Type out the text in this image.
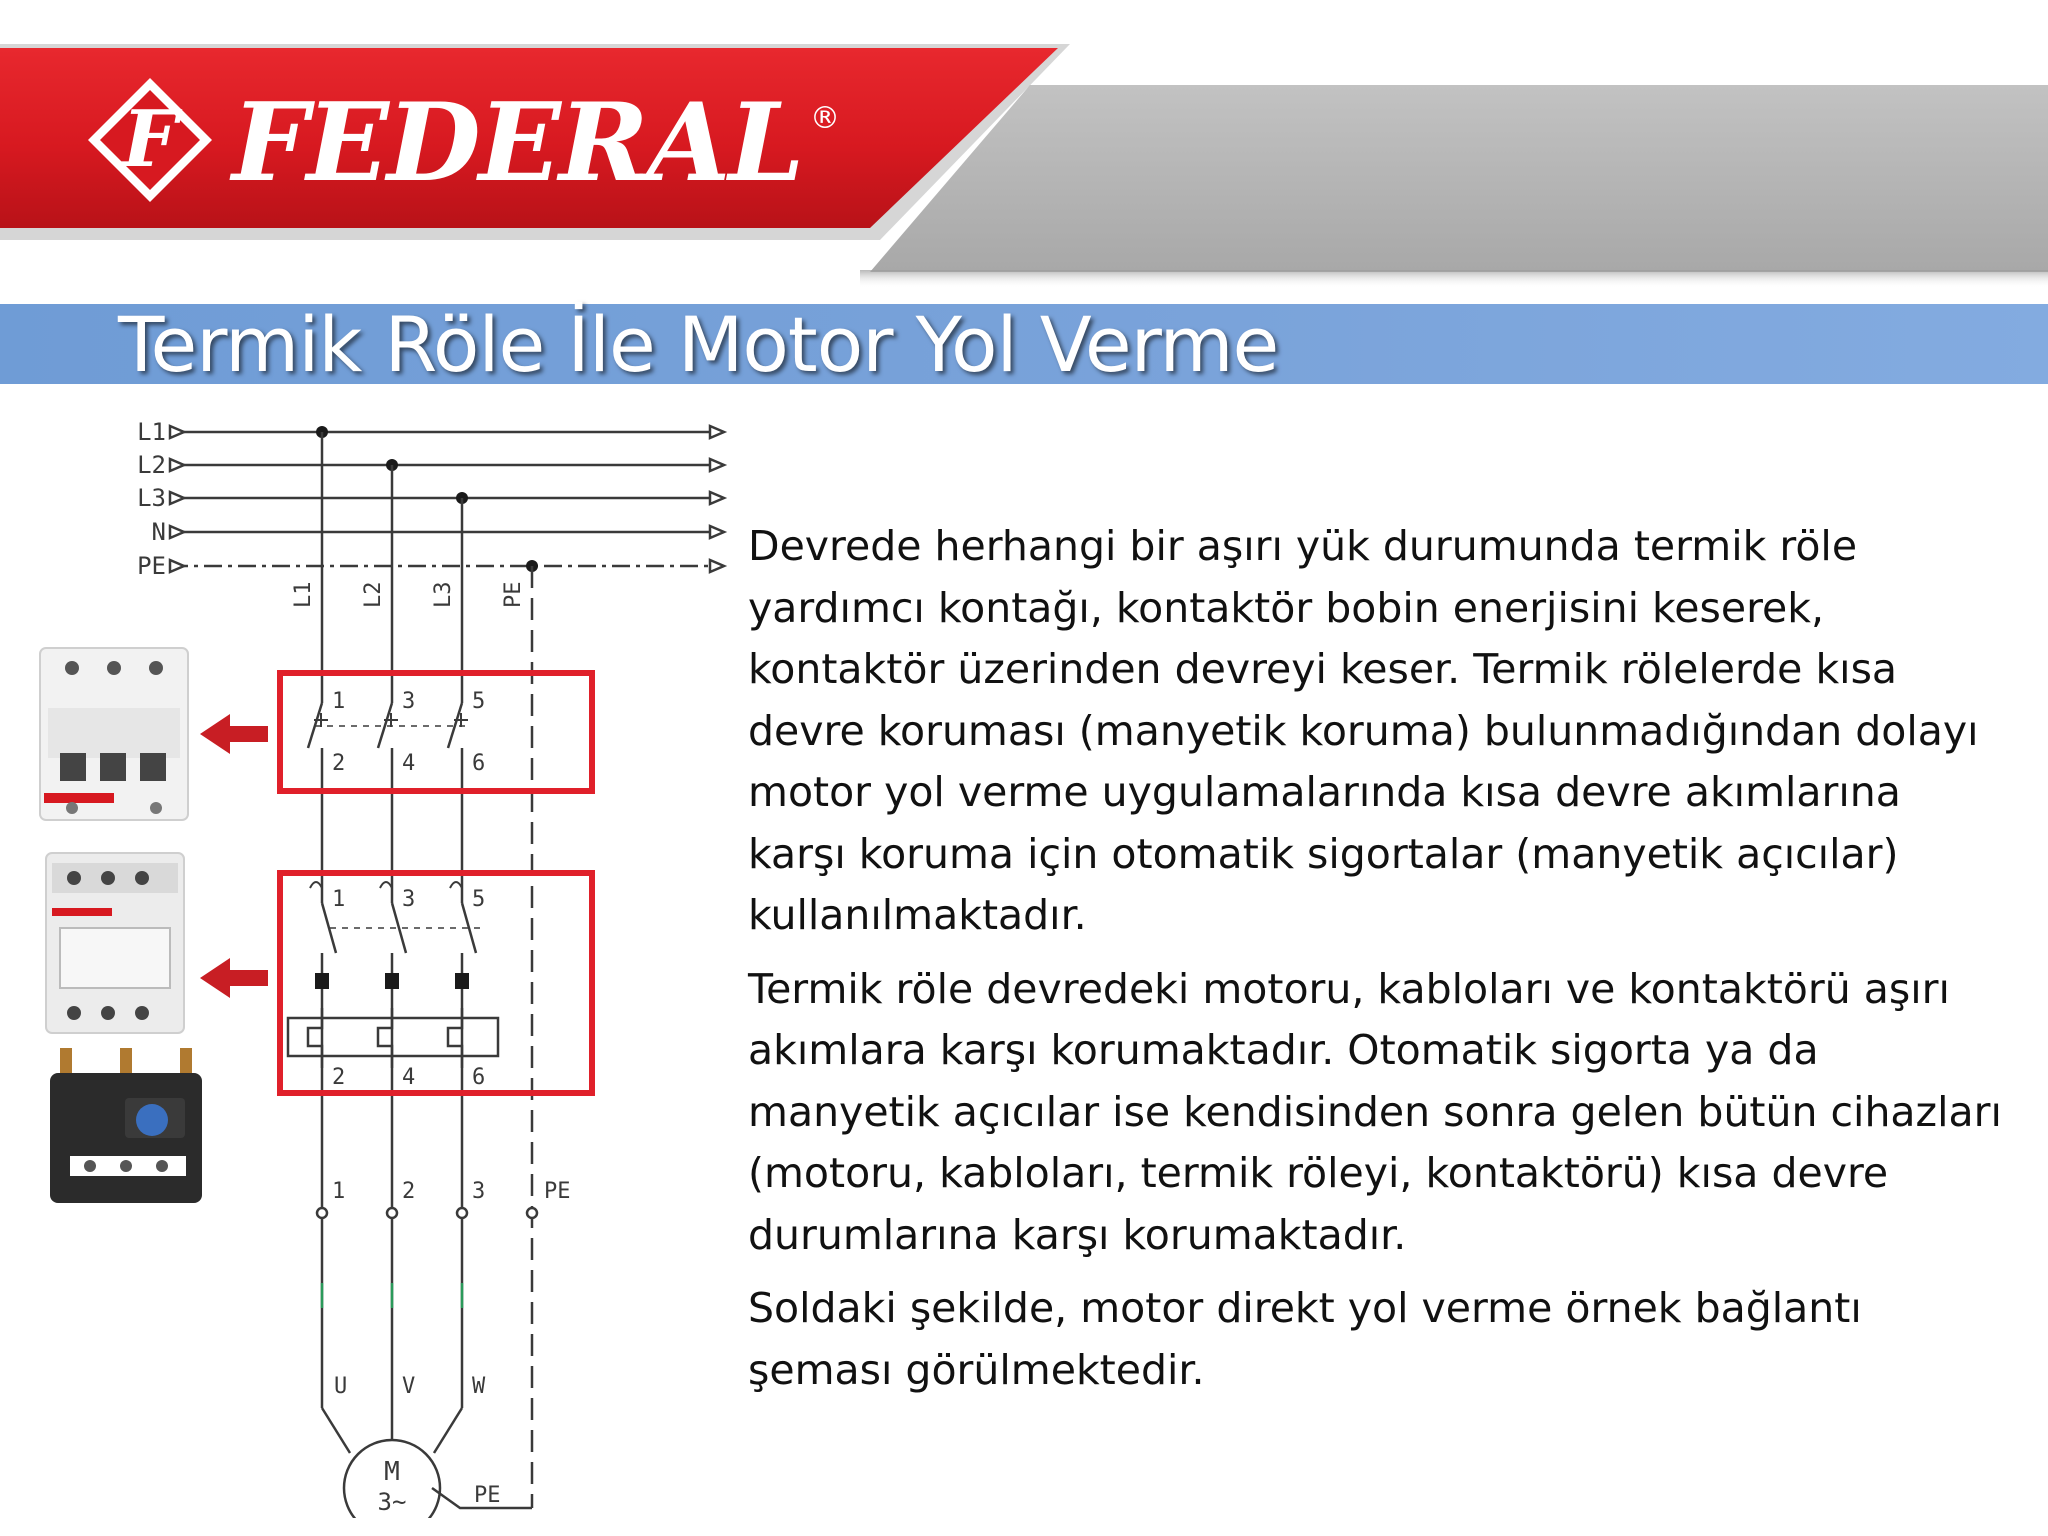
F FEDERAL ®
Termik Röle İle Motor Yol Verme
L1
L2
L3
N
PE
L1 L2 L3 PE
1	3	5
2	4	6
1	3	5
2	4	6
1	2	3	PE
U V	W
M
3~	PE

Devrede herhangi bir aşırı yük durumunda termik röle yardımcı kontağı, kontaktör bobin enerjisini keserek, kontaktör üzerinden devreyi keser. Termik rölelerde kısa devre koruması (manyetik koruma) bulunmadığından dolayı motor yol verme uygulamalarında kısa devre akımlarına karşı koruma için otomatik sigortalar (manyetik açıcılar) kullanılmaktadır.

Termik röle devredeki motoru, kabloları ve kontaktörü aşırı akımlara karşı korumaktadır. Otomatik sigorta ya da manyetik açıcılar ise kendisinden sonra gelen bütün cihazları (motoru, kabloları, termik röleyi, kontaktörü) kısa devre durumlarına karşı korumaktadır.

Soldaki şekilde, motor direkt yol verme örnek bağlantı şeması görülmektedir.
